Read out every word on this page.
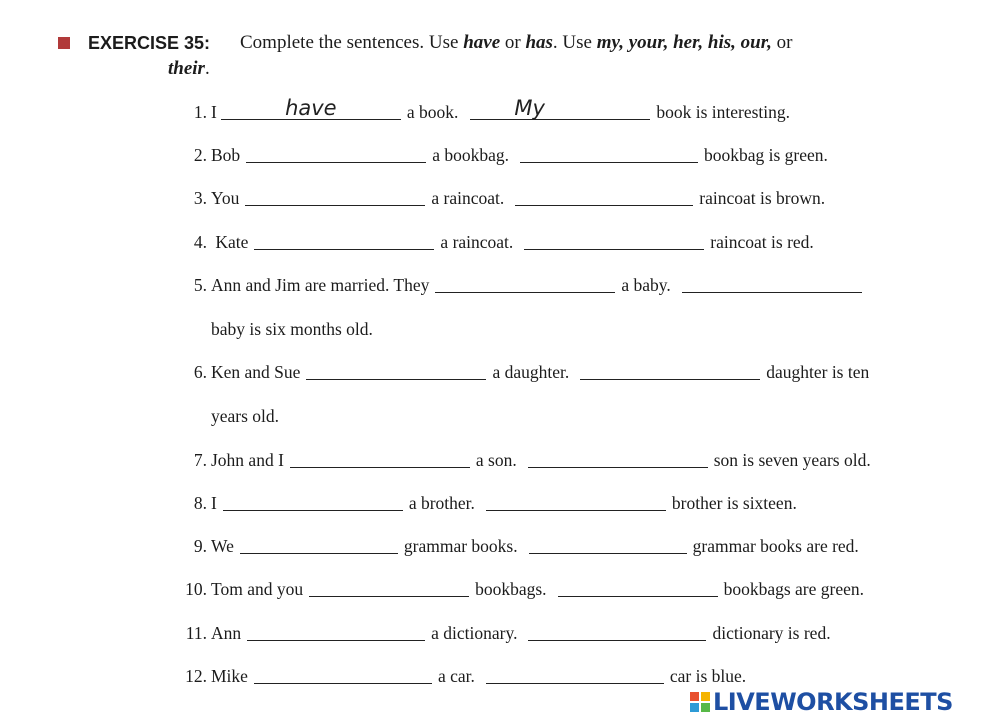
EXERCISE 35: Complete the sentences. Use have or has. Use my, your, her, his, our, or
their.
1. I	have	a book.	My	book is interesting.
2. Bob	a bookbag.	bookbag is green.
3. You	a raincoat.	raincoat is brown.
4. Kate	a raincoat.	raincoat is red.
5. Ann and Jim are married. They	a baby.
baby is six months old.
6. Ken and Sue	a daughter.	daughter is ten
years old.
7. John and I	a son.	son is seven years old.
8. I	a brother.	brother is sixteen.
9. We	grammar books.	grammar books are red.
10. Tom and you	bookbags.	bookbags are green.
11. Ann	a dictionary.	dictionary is red.
12. Mike	a car.	car is blue.
LIVEWORKSHEETS
